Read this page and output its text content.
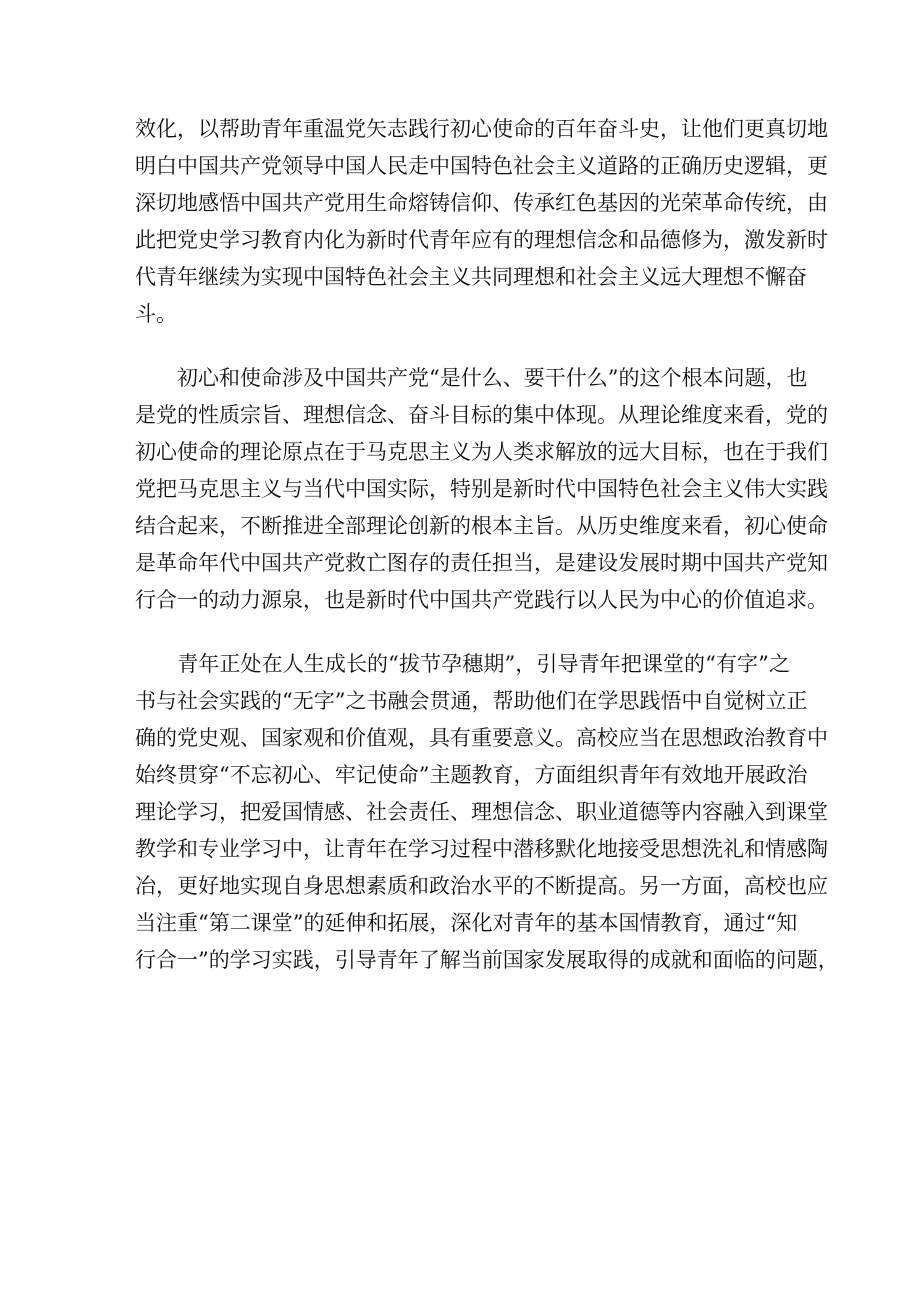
效化，以帮助青年重温党矢志践行初心使命的百年奋斗史，让他们更真切地
明白中国共产党领导中国人民走中国特色社会主义道路的正确历史逻辑，更
深切地感悟中国共产党用生命熔铸信仰、传承红色基因的光荣革命传统，由
此把党史学习教育内化为新时代青年应有的理想信念和品德修为，激发新时
代青年继续为实现中国特色社会主义共同理想和社会主义远大理想不懈奋
斗。
　　初心和使命涉及中国共产党“是什么、要干什么”的这个根本问题，也
是党的性质宗旨、理想信念、奋斗目标的集中体现。从理论维度来看，党的
初心使命的理论原点在于马克思主义为人类求解放的远大目标，也在于我们
党把马克思主义与当代中国实际，特别是新时代中国特色社会主义伟大实践
结合起来，不断推进全部理论创新的根本主旨。从历史维度来看，初心使命
是革命年代中国共产党救亡图存的责任担当，是建设发展时期中国共产党知
行合一的动力源泉，也是新时代中国共产党践行以人民为中心的价值追求。
　　青年正处在人生成长的“拔节孕穗期”，引导青年把课堂的“有字”之
书与社会实践的“无字”之书融会贯通，帮助他们在学思践悟中自觉树立正
确的党史观、国家观和价值观，具有重要意义。高校应当在思想政治教育中
始终贯穿“不忘初心、牢记使命”主题教育，方面组织青年有效地开展政治
理论学习，把爱国情感、社会责任、理想信念、职业道德等内容融入到课堂
教学和专业学习中，让青年在学习过程中潜移默化地接受思想洗礼和情感陶
冶，更好地实现自身思想素质和政治水平的不断提高。另一方面，高校也应
当注重“第二课堂”的延伸和拓展，深化对青年的基本国情教育，通过“知
行合一”的学习实践，引导青年了解当前国家发展取得的成就和面临的问题，
